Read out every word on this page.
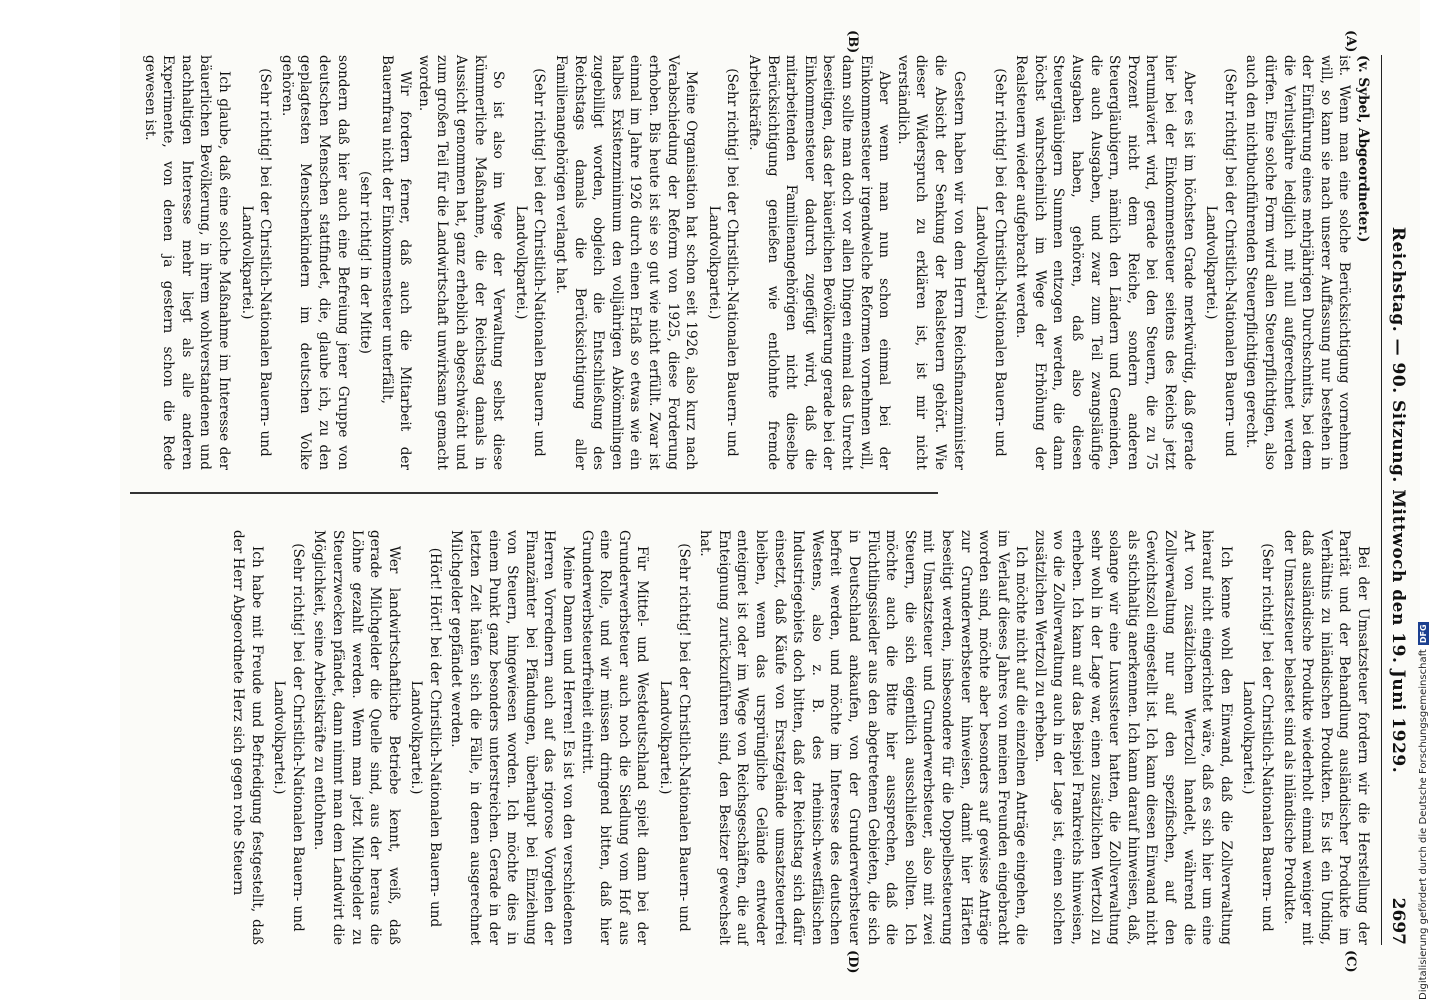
Reichstag. — 90. Sitzung. Mittwoch den 19. Juni 1929.
2697
(A)
(B)
(C)
(D)

(v. Sybel, Abgeordneter.)

ist. Wenn man eine solche Berücksichtigung vornehmen will, so kann sie nach unserer Auffassung nur bestehen in der Einführung eines mehrjährigen Durchschnitts, bei dem die Verlustjahre lediglich mit null aufgerechnet werden dürfen. Eine solche Form wird allen Steuerpflichtigen, also auch den nichtbuchführenden Steuerpflichtigen gerecht.

(Sehr richtig! bei der Christlich-Nationalen Bauern- und Landvolkpartei.)

Aber es ist im höchsten Grade merkwürdig, daß gerade hier bei der Einkommensteuer seitens des Reichs jetzt herumlaviert wird, gerade bei den Steuern, die zu 75 Prozent nicht dem Reiche, sondern anderen Steuergläubigern, nämlich den Ländern und Gemeinden, die auch Ausgaben, und zwar zum Teil zwangsläufige Ausgaben haben, gehören, daß also diesen Steuergläubigern Summen entzogen werden, die dann höchst wahrscheinlich im Wege der Erhöhung der Realsteuern wieder aufgebracht werden.

(Sehr richtig! bei der Christlich-Nationalen Bauern- und Landvolkpartei.)

Gestern haben wir von dem Herrn Reichsfinanzminister die Absicht der Senkung der Realsteuern gehört. Wie dieser Widerspruch zu erklären ist, ist mir nicht verständlich.

Aber wenn man nun schon einmal bei der Einkommensteuer irgendwelche Reformen vornehmen will, dann sollte man doch vor allen Dingen einmal das Unrecht beseitigen, das der bäuerlichen Bevölkerung gerade bei der Einkommensteuer dadurch zugefügt wird, daß die mitarbeitenden Familienangehörigen nicht dieselbe Berücksichtigung genießen wie entlohnte fremde Arbeitskräfte.

(Sehr richtig! bei der Christlich-Nationalen Bauern- und Landvolkpartei.)

Meine Organisation hat schon seit 1926, also kurz nach Verabschiedung der Reform von 1925, diese Forderung erhoben. Bis heute ist sie so gut wie nicht erfüllt. Zwar ist einmal im Jahre 1926 durch einen Erlaß so etwas wie ein halbes Existenzminimum den volljährigen Abkömmlingen zugebilligt worden, obgleich die Entschließung des Reichstags damals die Berücksichtigung aller Familienangehörigen verlangt hat.

(Sehr richtig! bei der Christlich-Nationalen Bauern- und Landvolkpartei.)

So ist also im Wege der Verwaltung selbst diese kümmerliche Maßnahme, die der Reichstag damals in Aussicht genommen hat, ganz erheblich abgeschwächt und zum großen Teil für die Landwirtschaft unwirksam gemacht worden.

Wir fordern ferner, daß auch die Mitarbeit der Bauernfrau nicht der Einkommensteuer unterfällt,

(sehr richtig! in der Mitte)

sondern daß hier auch eine Befreiung jener Gruppe von deutschen Menschen stattfindet, die, glaube ich, zu den geplagtesten Menschenkindern im deutschen Volke gehören.

(Sehr richtig! bei der Christlich-Nationalen Bauern- und Landvolkpartei.)

Ich glaube, daß eine solche Maßnahme im Interesse der bäuerlichen Bevölkerung, in ihrem wohlverstandenen und nachhaltigen Interesse mehr liegt als alle anderen Experimente, von denen ja gestern schon die Rede gewesen ist.

Bei der Umsatzsteuer fordern wir die Herstellung der Parität und der Behandlung ausländischer Produkte im Verhältnis zu inländischen Produkten. Es ist ein Unding, daß ausländische Produkte wiederholt einmal weniger mit der Umsatzsteuer belastet sind als inländische Produkte.

(Sehr richtig! bei der Christlich-Nationalen Bauern- und Landvolkpartei.)

Ich kenne wohl den Einwand, daß die Zollverwaltung hierauf nicht eingerichtet wäre, daß es sich hier um eine Art von zusätzlichem Wertzoll handelt, während die Zollverwaltung nur auf den spezifischen, auf den Gewichtszoll eingestellt ist. Ich kann diesen Einwand nicht als stichhaltig anerkennen. Ich kann darauf hinweisen, daß, solange wir eine Luxussteuer hatten, die Zollverwaltung sehr wohl in der Lage war, einen zusätzlichen Wertzoll zu erheben. Ich kann auf das Beispiel Frankreichs hinweisen, wo die Zollverwaltung auch in der Lage ist, einen solchen zusätzlichen Wertzoll zu erheben.

Ich möchte nicht auf die einzelnen Anträge eingehen, die im Verlauf dieses Jahres von meinen Freunden eingebracht worden sind, möchte aber besonders auf gewisse Anträge zur Grunderwerbsteuer hinweisen, damit hier Härten beseitigt werden, insbesondere für die Doppelbesteuerung mit Umsatzsteuer und Grunderwerbsteuer, also mit zwei Steuern, die sich eigentlich ausschließen sollten. Ich möchte auch die Bitte hier aussprechen, daß die Flüchtlingssiedler aus den abgetretenen Gebieten, die sich in Deutschland ankaufen, von der Grunderwerbsteuer befreit werden, und möchte im Interesse des deutschen Westens, also z. B. des rheinisch-westfälischen Industriegebiets doch bitten, daß der Reichstag sich dafür einsetzt, daß Käufe von Ersatzgelände umsatzsteuerfrei bleiben, wenn das ursprüngliche Gelände entweder enteignet ist oder im Wege von Reichsgeschäften, die auf Enteignung zurückzuführen sind, den Besitzer gewechselt hat.

(Sehr richtig! bei der Christlich-Nationalen Bauern- und Landvolkpartei.)

Für Mittel- und Westdeutschland spielt dann bei der Grunderwerbsteuer auch noch die Siedlung vom Hof aus eine Rolle, und wir müssen dringend bitten, daß hier Grunderwerbsteuerfreiheit eintritt.

Meine Damen und Herren! Es ist von den verschiedenen Herren Vorrednern auch auf das rigorose Vorgehen der Finanzämter bei Pfändungen, überhaupt bei Einziehung von Steuern, hingewiesen worden. Ich möchte dies in einem Punkt ganz besonders unterstreichen. Gerade in der letzten Zeit häufen sich die Fälle, in denen ausgerechnet Milchgelder gepfändet werden.

(Hört! Hört! bei der Christlich-Nationalen Bauern- und Landvolkpartei.)

Wer landwirtschaftliche Betriebe kennt, weiß, daß gerade Milchgelder die Quelle sind, aus der heraus die Löhne gezahlt werden. Wenn man jetzt Milchgelder zu Steuerzwecken pfändet, dann nimmt man dem Landwirt die Möglichkeit, seine Arbeitskräfte zu entlohnen.

(Sehr richtig! bei der Christlich-Nationalen Bauern- und Landvolkpartei.)

Ich habe mit Freude und Befriedigung festgestellt, daß der Herr Abgeordnete Herz sich gegen rohe Steuern	Digitalisierung gefördert durch die Deutsche ForschungsgemeinschaftDFG
